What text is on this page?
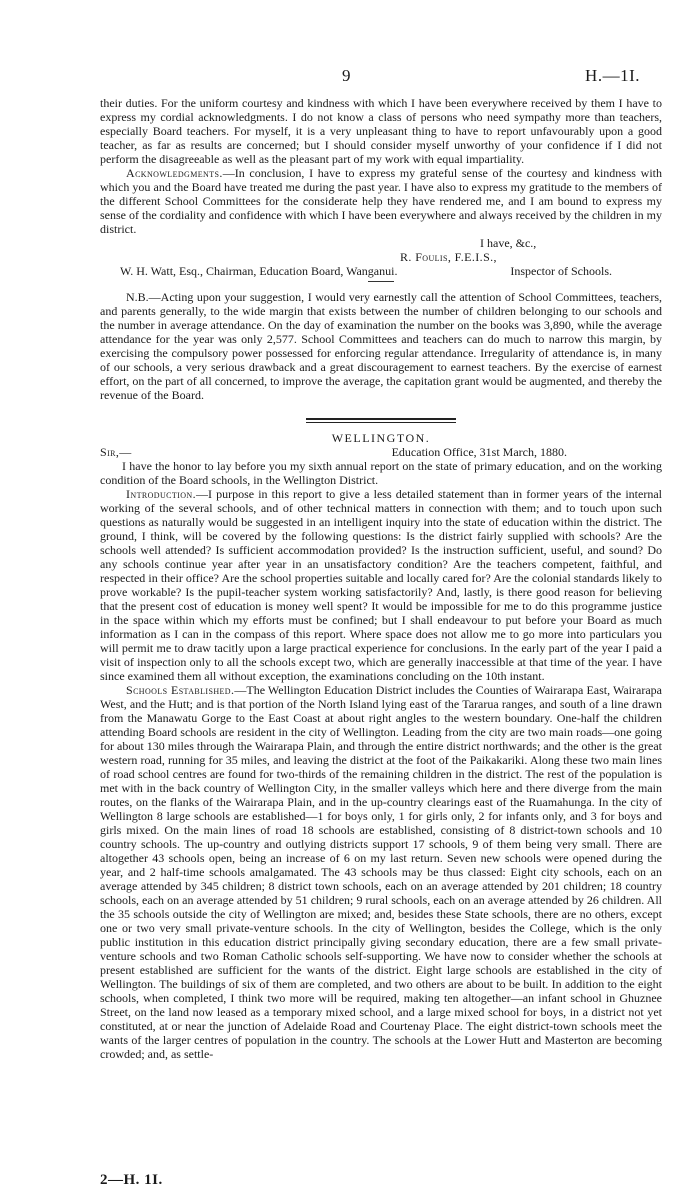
9	H.—1I.

their duties. For the uniform courtesy and kindness with which I have been everywhere received by them I have to express my cordial acknowledgments. I do not know a class of persons who need sympathy more than teachers, especially Board teachers. For myself, it is a very unpleasant thing to have to report unfavourably upon a good teacher, as far as results are concerned; but I should consider myself unworthy of your confidence if I did not perform the disagreeable as well as the pleasant part of my work with equal impartiality.

Acknowledgments.—In conclusion, I have to express my grateful sense of the courtesy and kindness with which you and the Board have treated me during the past year. I have also to express my gratitude to the members of the different School Committees for the considerate help they have rendered me, and I am bound to express my sense of the cordiality and confidence with which I have been everywhere and always received by the children in my district.

I have, &c.,

R. Foulis, F.E.I.S.,
W. H. Watt, Esq., Chairman, Education Board, Wanganui.	Inspector of Schools.

N.B.—Acting upon your suggestion, I would very earnestly call the attention of School Committees, teachers, and parents generally, to the wide margin that exists between the number of children belonging to our schools and the number in average attendance. On the day of examination the number on the books was 3,890, while the average attendance for the year was only 2,577. School Committees and teachers can do much to narrow this margin, by exercising the compulsory power possessed for enforcing regular attendance. Irregularity of attendance is, in many of our schools, a very serious drawback and a great discouragement to earnest teachers. By the exercise of earnest effort, on the part of all concerned, to improve the average, the capitation grant would be augmented, and thereby the revenue of the Board.

WELLINGTON.

Sir,—	Education Office, 31st March, 1880.

I have the honor to lay before you my sixth annual report on the state of primary education, and on the working condition of the Board schools, in the Wellington District.

Introduction.—I purpose in this report to give a less detailed statement than in former years of the internal working of the several schools, and of other technical matters in connection with them; and to touch upon such questions as naturally would be suggested in an intelligent inquiry into the state of education within the district. The ground, I think, will be covered by the following questions: Is the district fairly supplied with schools? Are the schools well attended? Is sufficient accommodation provided? Is the instruction sufficient, useful, and sound? Do any schools continue year after year in an unsatisfactory condition? Are the teachers competent, faithful, and respected in their office? Are the school properties suitable and locally cared for? Are the colonial standards likely to prove workable? Is the pupil-teacher system working satisfactorily? And, lastly, is there good reason for believing that the present cost of education is money well spent? It would be impossible for me to do this programme justice in the space within which my efforts must be confined; but I shall endeavour to put before your Board as much information as I can in the compass of this report. Where space does not allow me to go more into particulars you will permit me to draw tacitly upon a large practical experience for conclusions. In the early part of the year I paid a visit of inspection only to all the schools except two, which are generally inaccessible at that time of the year. I have since examined them all without exception, the examinations concluding on the 10th instant.

Schools Established.—The Wellington Education District includes the Counties of Wairarapa East, Wairarapa West, and the Hutt; and is that portion of the North Island lying east of the Tararua ranges, and south of a line drawn from the Manawatu Gorge to the East Coast at about right angles to the western boundary. One-half the children attending Board schools are resident in the city of Wellington. Leading from the city are two main roads—one going for about 130 miles through the Wairarapa Plain, and through the entire district northwards; and the other is the great western road, running for 35 miles, and leaving the district at the foot of the Paikakariki. Along these two main lines of road school centres are found for two-thirds of the remaining children in the district. The rest of the population is met with in the back country of Wellington City, in the smaller valleys which here and there diverge from the main routes, on the flanks of the Wairarapa Plain, and in the up-country clearings east of the Ruamahunga. In the city of Wellington 8 large schools are established—1 for boys only, 1 for girls only, 2 for infants only, and 3 for boys and girls mixed. On the main lines of road 18 schools are established, consisting of 8 district-town schools and 10 country schools. The up-country and outlying districts support 17 schools, 9 of them being very small. There are altogether 43 schools open, being an increase of 6 on my last return. Seven new schools were opened during the year, and 2 half-time schools amalgamated. The 43 schools may be thus classed: Eight city schools, each on an average attended by 345 children; 8 district town schools, each on an average attended by 201 children; 18 country schools, each on an average attended by 51 children; 9 rural schools, each on an average attended by 26 children. All the 35 schools outside the city of Wellington are mixed; and, besides these State schools, there are no others, except one or two very small private-venture schools. In the city of Wellington, besides the College, which is the only public institution in this education district principally giving secondary education, there are a few small private-venture schools and two Roman Catholic schools self-supporting. We have now to consider whether the schools at present established are sufficient for the wants of the district. Eight large schools are established in the city of Wellington. The buildings of six of them are completed, and two others are about to be built. In addition to the eight schools, when completed, I think two more will be required, making ten altogether—an infant school in Ghuznee Street, on the land now leased as a temporary mixed school, and a large mixed school for boys, in a district not yet constituted, at or near the junction of Adelaide Road and Courtenay Place. The eight district-town schools meet the wants of the larger centres of population in the country. The schools at the Lower Hutt and Masterton are becoming crowded; and, as settle-

2—H. 1I.
